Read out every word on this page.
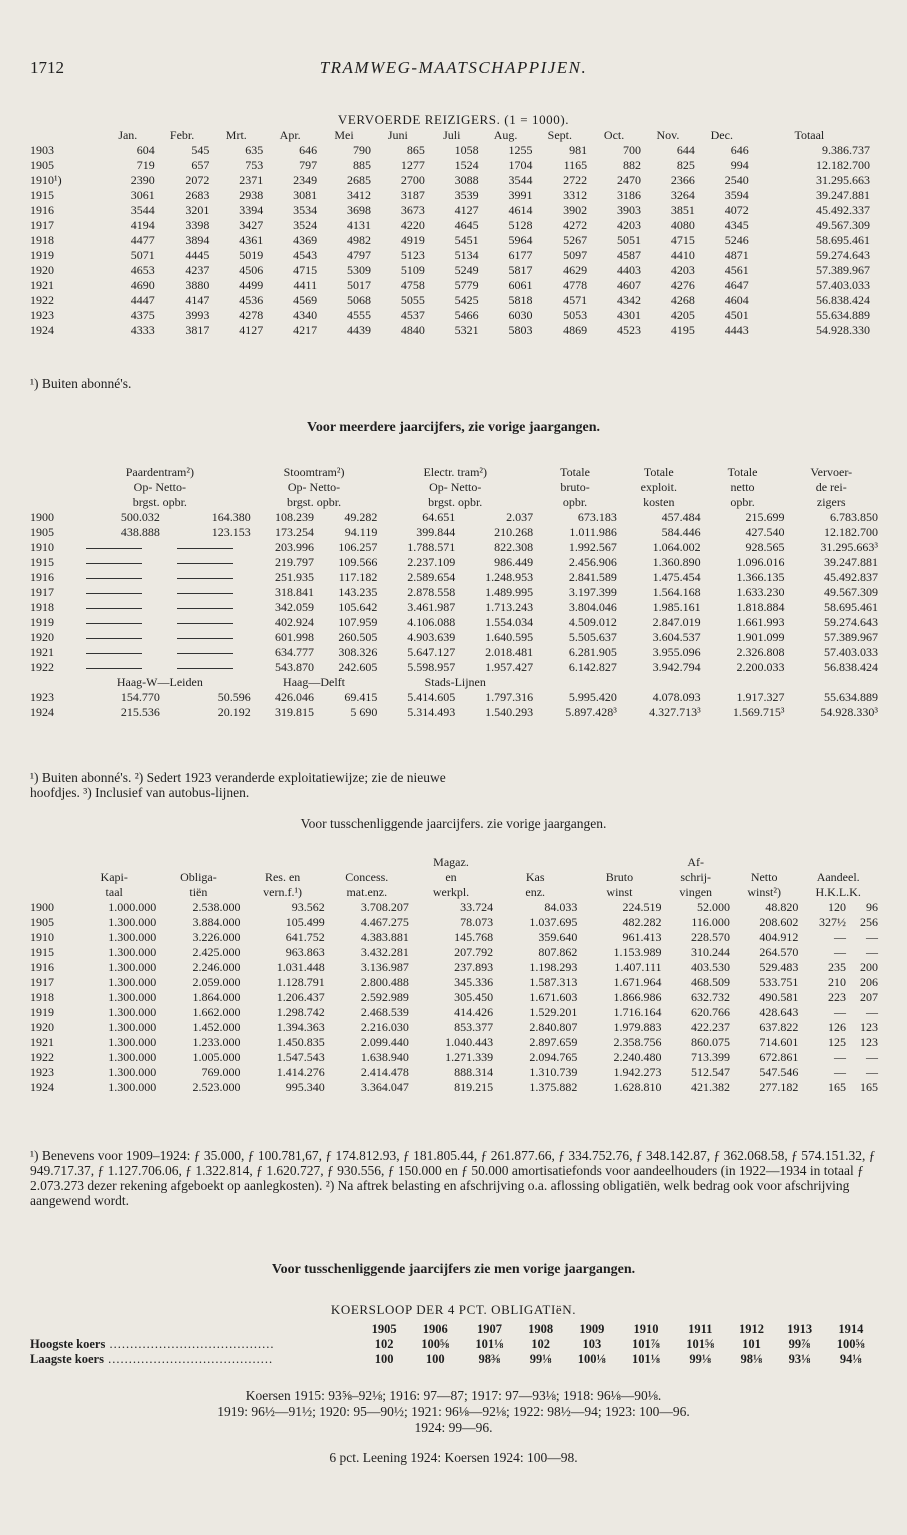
1712	TRAMWEG-MAATSCHAPPIJEN.
VERVOERDE REIZIGERS. (1 = 1000).
	Jan.	Febr.	Mrt.	Apr.	Mei	Juni	Juli	Aug.	Sept.	Oct.	Nov.	Dec.	Totaal
1903	604	545	635	646	790	865	1058	1255	981	700	644	646	9.386.737
1905	719	657	753	797	885	1277	1524	1704	1165	882	825	994	12.182.700
1910¹)	2390	2072	2371	2349	2685	2700	3088	3544	2722	2470	2366	2540	31.295.663
1915	3061	2683	2938	3081	3412	3187	3539	3991	3312	3186	3264	3594	39.247.881
1916	3544	3201	3394	3534	3698	3673	4127	4614	3902	3903	3851	4072	45.492.337
1917	4194	3398	3427	3524	4131	4220	4645	5128	4272	4203	4080	4345	49.567.309
1918	4477	3894	4361	4369	4982	4919	5451	5964	5267	5051	4715	5246	58.695.461
1919	5071	4445	5019	4543	4797	5123	5134	6177	5097	4587	4410	4871	59.274.643
1920	4653	4237	4506	4715	5309	5109	5249	5817	4629	4403	4203	4561	57.389.967
1921	4690	3880	4499	4411	5017	4758	5779	6061	4778	4607	4276	4647	57.403.033
1922	4447	4147	4536	4569	5068	5055	5425	5818	4571	4342	4268	4604	56.838.424
1923	4375	3993	4278	4340	4555	4537	5466	6030	5053	4301	4205	4501	55.634.889
1924	4333	3817	4127	4217	4439	4840	5321	5803	4869	4523	4195	4443	54.928.330
¹) Buiten abonné's.
Voor meerdere jaarcijfers, zie vorige jaargangen.
	Paardentram²)		Stoomtram²)		Electr. tram²)		Totale	Totale	Totale	Vervoer-
	Op- Netto-		Op- Netto-		Op- Netto-		bruto-	exploit.	netto	de rei-
	brgst. opbr.		brgst. opbr.		brgst. opbr.		opbr.	kosten	opbr.	zigers
1900	500.032	164.380	108.239	49.282	64.651	2.037	673.183	457.484	215.699	6.783.850
1905	438.888	123.153	173.254	94.119	399.844	210.268	1.011.986	584.446	427.540	12.182.700
1910			203.996	106.257	1.788.571	822.308	1.992.567	1.064.002	928.565	31.295.663³
1915			219.797	109.566	2.237.109	986.449	2.456.906	1.360.890	1.096.016	39.247.881
1916			251.935	117.182	2.589.654	1.248.953	2.841.589	1.475.454	1.366.135	45.492.837
1917			318.841	143.235	2.878.558	1.489.995	3.197.399	1.564.168	1.633.230	49.567.309
1918			342.059	105.642	3.461.987	1.713.243	3.804.046	1.985.161	1.818.884	58.695.461
1919			402.924	107.959	4.106.088	1.554.034	4.509.012	2.847.019	1.661.993	59.274.643
1920			601.998	260.505	4.903.639	1.640.595	5.505.637	3.604.537	1.901.099	57.389.967
1921			634.777	308.326	5.647.127	2.018.481	6.281.905	3.955.096	2.326.808	57.403.033
1922			543.870	242.605	5.598.957	1.957.427	6.142.827	3.942.794	2.200.033	56.838.424
	Haag-W—Leiden		Haag—Delft		Stads-Lijnen					
1923	154.770	50.596	426.046	69.415	5.414.605	1.797.316	5.995.420	4.078.093	1.917.327	55.634.889
1924	215.536	20.192	319.815	5 690	5.314.493	1.540.293	5.897.428³	4.327.713³	1.569.715³	54.928.330³
¹) Buiten abonné's. ²) Sedert 1923 veranderde exploitatiewijze; zie de nieuwe
hoofdjes. ³) Inclusief van autobus-lijnen.
Voor tusschenliggende jaarcijfers. zie vorige jaargangen.
					Magaz.			Af-			
	Kapi-	Obliga-	Res. en	Concess.	en	Kas	Bruto	schrij-	Netto	Aandeel.	
	taal	tiën	vern.f.¹)	mat.enz.	werkpl.	enz.	winst	vingen	winst²)	H.K.L.K.	
1900	1.000.000	2.538.000	93.562	3.708.207	33.724	84.033	224.519	52.000	48.820	120	96
1905	1.300.000	3.884.000	105.499	4.467.275	78.073	1.037.695	482.282	116.000	208.602	327½	256
1910	1.300.000	3.226.000	641.752	4.383.881	145.768	359.640	961.413	228.570	404.912	—	—
1915	1.300.000	2.425.000	963.863	3.432.281	207.792	807.862	1.153.989	310.244	264.570	—	—
1916	1.300.000	2.246.000	1.031.448	3.136.987	237.893	1.198.293	1.407.111	403.530	529.483	235	200
1917	1.300.000	2.059.000	1.128.791	2.800.488	345.336	1.587.313	1.671.964	468.509	533.751	210	206
1918	1.300.000	1.864.000	1.206.437	2.592.989	305.450	1.671.603	1.866.986	632.732	490.581	223	207
1919	1.300.000	1.662.000	1.298.742	2.468.539	414.426	1.529.201	1.716.164	620.766	428.643	—	—
1920	1.300.000	1.452.000	1.394.363	2.216.030	853.377	2.840.807	1.979.883	422.237	637.822	126	123
1921	1.300.000	1.233.000	1.450.835	2.099.440	1.040.443	2.897.659	2.358.756	860.075	714.601	125	123
1922	1.300.000	1.005.000	1.547.543	1.638.940	1.271.339	2.094.765	2.240.480	713.399	672.861	—	—
1923	1.300.000	769.000	1.414.276	2.414.478	888.314	1.310.739	1.942.273	512.547	547.546	—	—
1924	1.300.000	2.523.000	995.340	3.364.047	819.215	1.375.882	1.628.810	421.382	277.182	165	165
¹) Benevens voor 1909–1924: ƒ 35.000, ƒ 100.781,67, ƒ 174.812.93, ƒ 181.805.44, ƒ 261.877.66, ƒ 334.752.76, ƒ 348.142.87, ƒ 362.068.58, ƒ 574.151.32, ƒ 949.717.37, ƒ 1.127.706.06, ƒ 1.322.814, ƒ 1.620.727, ƒ 930.556, ƒ 150.000 en ƒ 50.000 amortisatiefonds voor aandeelhouders (in 1922—1934 in totaal ƒ 2.073.273 dezer rekening afgeboekt op aanlegkosten). ²) Na aftrek belasting en afschrijving o.a. aflossing obligatiën, welk bedrag ook voor afschrijving aangewend wordt.
Voor tusschenliggende jaarcijfers zie men vorige jaargangen.
KOERSLOOP DER 4 PCT. OBLIGATIëN.
	1905	1906	1907	1908	1909	1910	1911	1912	1913	1914
Hoogste koers ........................................	102	100⅝	101⅛	102	103	101⅞	101⅝	101	99⅞	100⅝
Laagste koers ........................................	100	100	98⅜	99⅛	100⅛	101⅛	99⅛	98⅛	93⅛	94⅛
Koersen 1915: 93⅝–92⅛; 1916: 97—87; 1917: 97—93⅛; 1918: 96⅛—90⅛.
1919: 96½—91½; 1920: 95—90½; 1921: 96⅛—92⅛; 1922: 98½—94; 1923: 100—96.
1924: 99—96.
6 pct. Leening 1924: Koersen 1924: 100—98.
